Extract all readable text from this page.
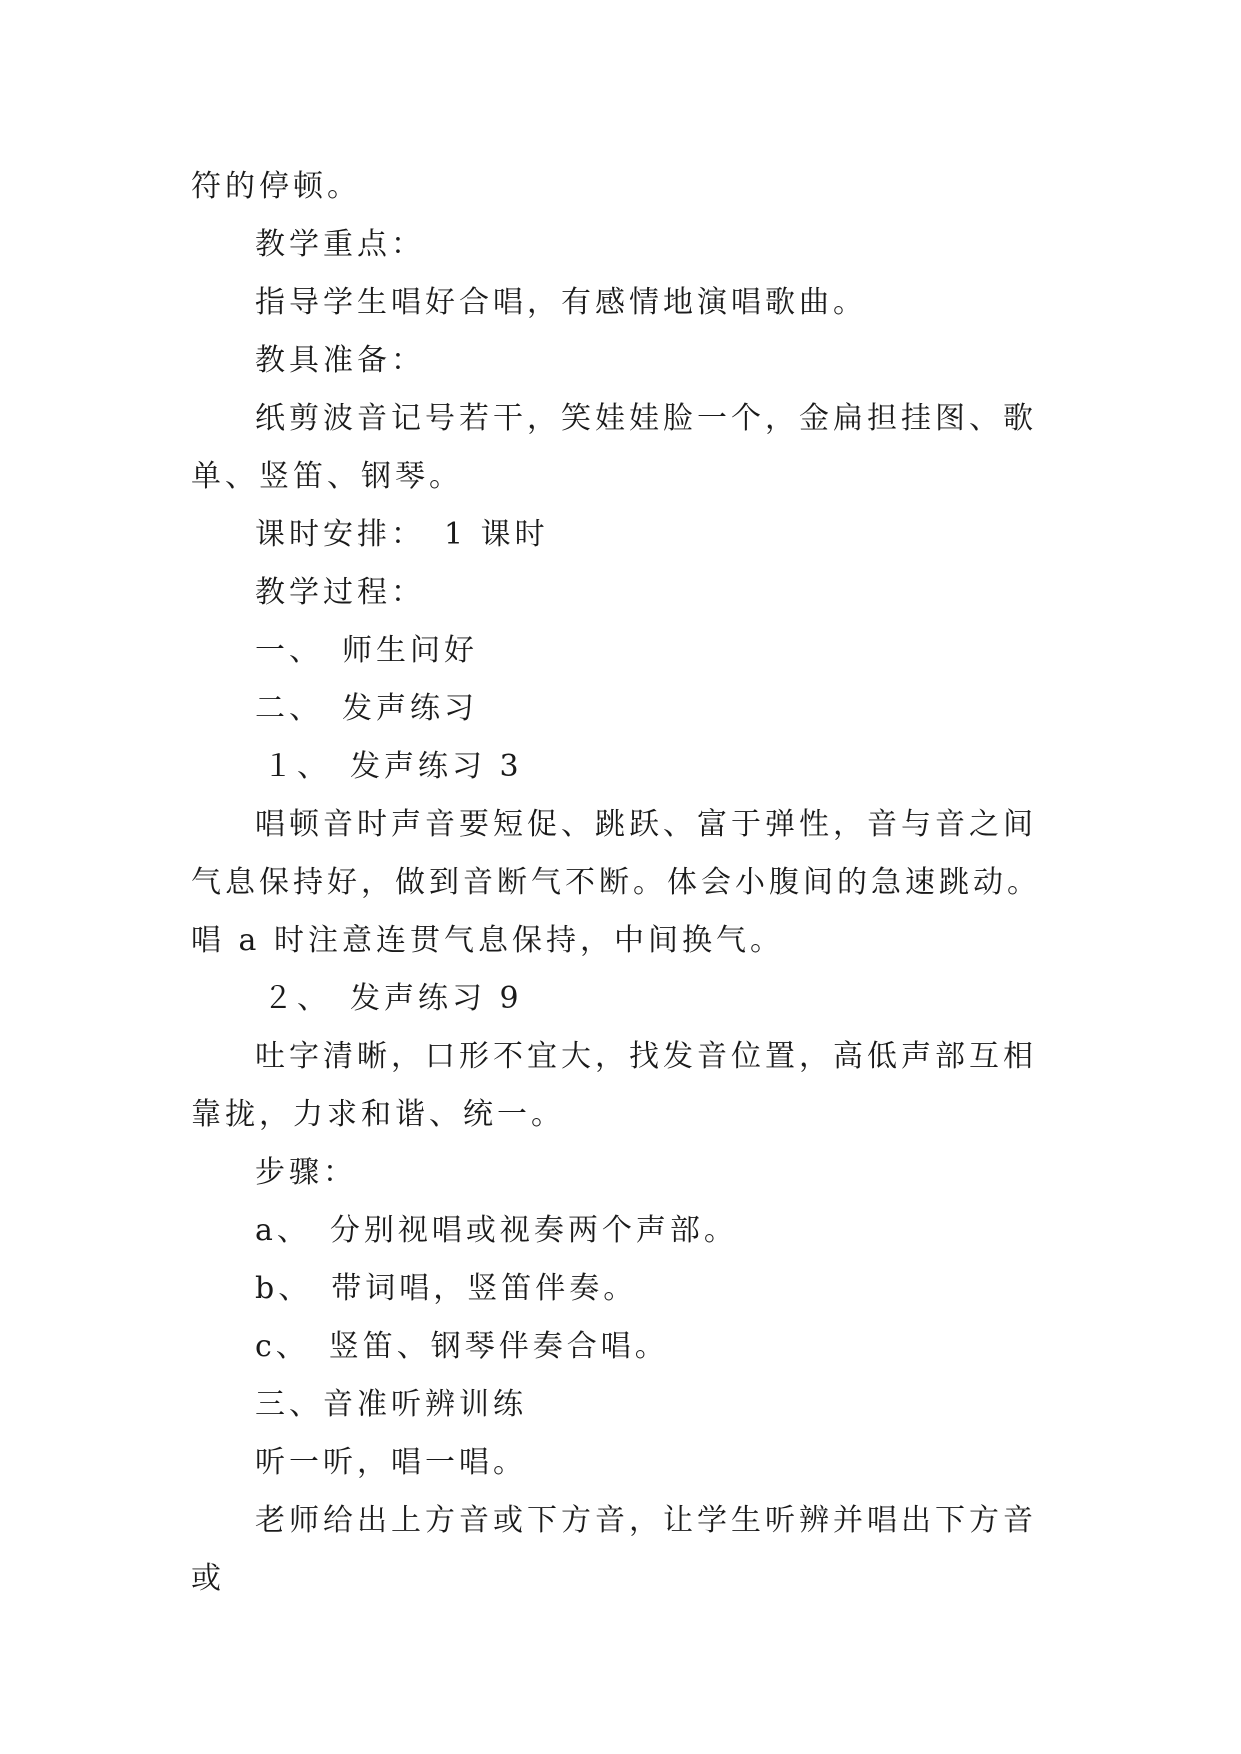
符的停顿。

教学重点：

指导学生唱好合唱，有感情地演唱歌曲。

教具准备：

纸剪波音记号若干，笑娃娃脸一个，金扁担挂图、歌单、竖笛、钢琴。

课时安排：　1 课时

教学过程：

一、　师生问好

二、　发声练习

１、　发声练习 3

唱顿音时声音要短促、跳跃、富于弹性，音与音之间气息保持好，做到音断气不断。体会小腹间的急速跳动。唱 a 时注意连贯气息保持，中间换气。

２、　发声练习 9

吐字清晰，口形不宜大，找发音位置，高低声部互相靠拢，力求和谐、统一。

步骤：

a、　分别视唱或视奏两个声部。

b、　带词唱，竖笛伴奏。

c、　竖笛、钢琴伴奏合唱。

三、音准听辨训练

听一听，唱一唱。

老师给出上方音或下方音，让学生听辨并唱出下方音或
